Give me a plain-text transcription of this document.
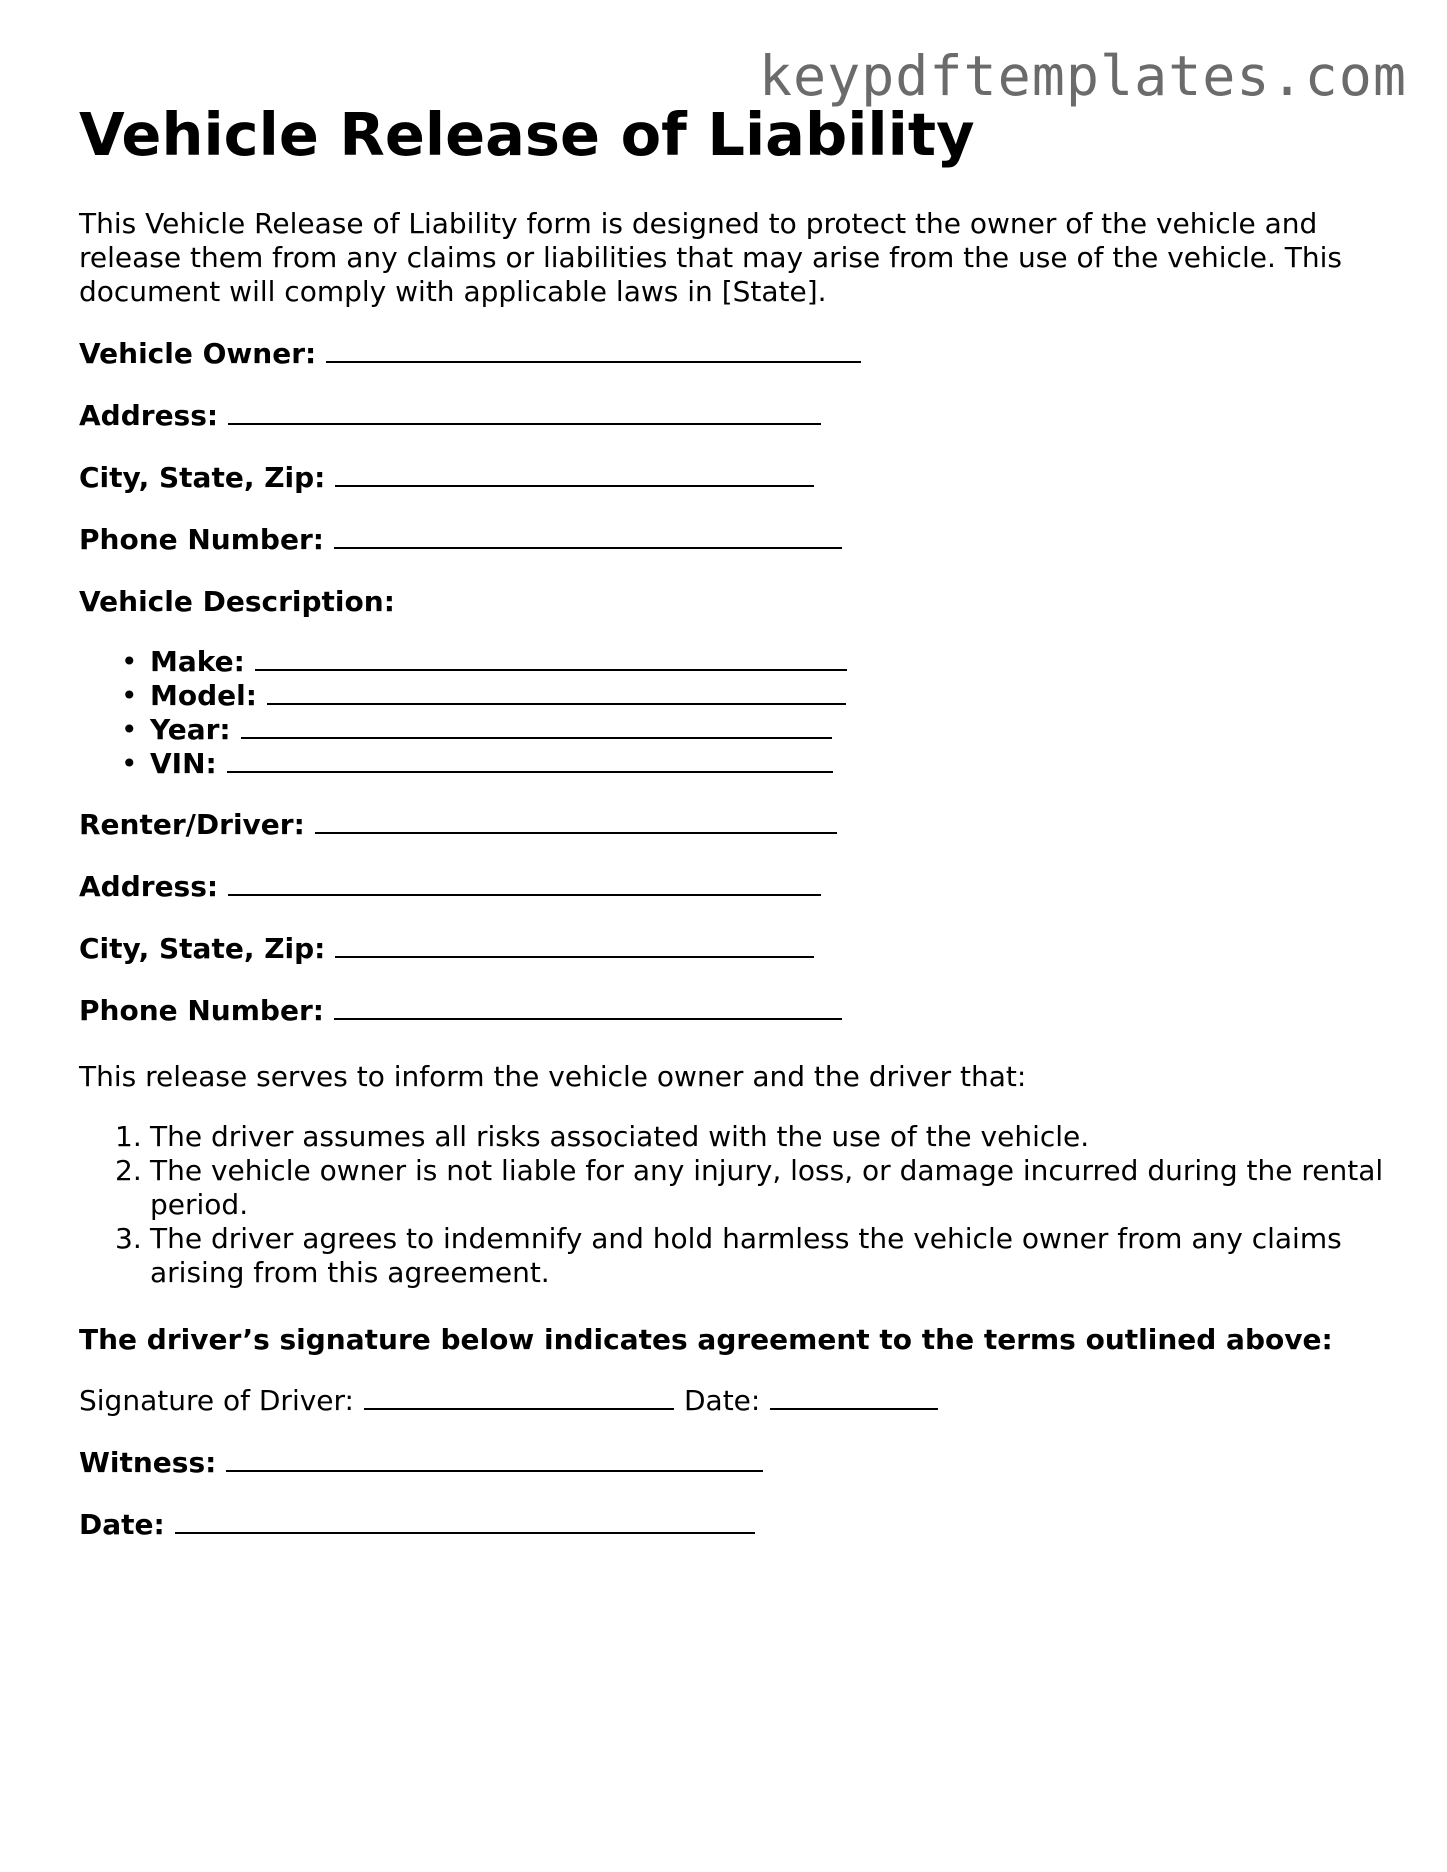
keypdftemplates.com
Vehicle Release of Liability

This Vehicle Release of Liability form is designed to protect the owner of the vehicle and release them from any claims or liabilities that may arise from the use of the vehicle. This document will comply with applicable laws in [State].

Vehicle Owner:

Address:

City, State, Zip:

Phone Number:

Vehicle Description:

• Make:
• Model:
• Year:
• VIN:

Renter/Driver:

Address:

City, State, Zip:

Phone Number:

This release serves to inform the vehicle owner and the driver that:

1. The driver assumes all risks associated with the use of the vehicle.
2. The vehicle owner is not liable for any injury, loss, or damage incurred during the rental period.
3. The driver agrees to indemnify and hold harmless the vehicle owner from any claims arising from this agreement.

The driver’s signature below indicates agreement to the terms outlined above:

Signature of Driver:	Date:

Witness:

Date:
